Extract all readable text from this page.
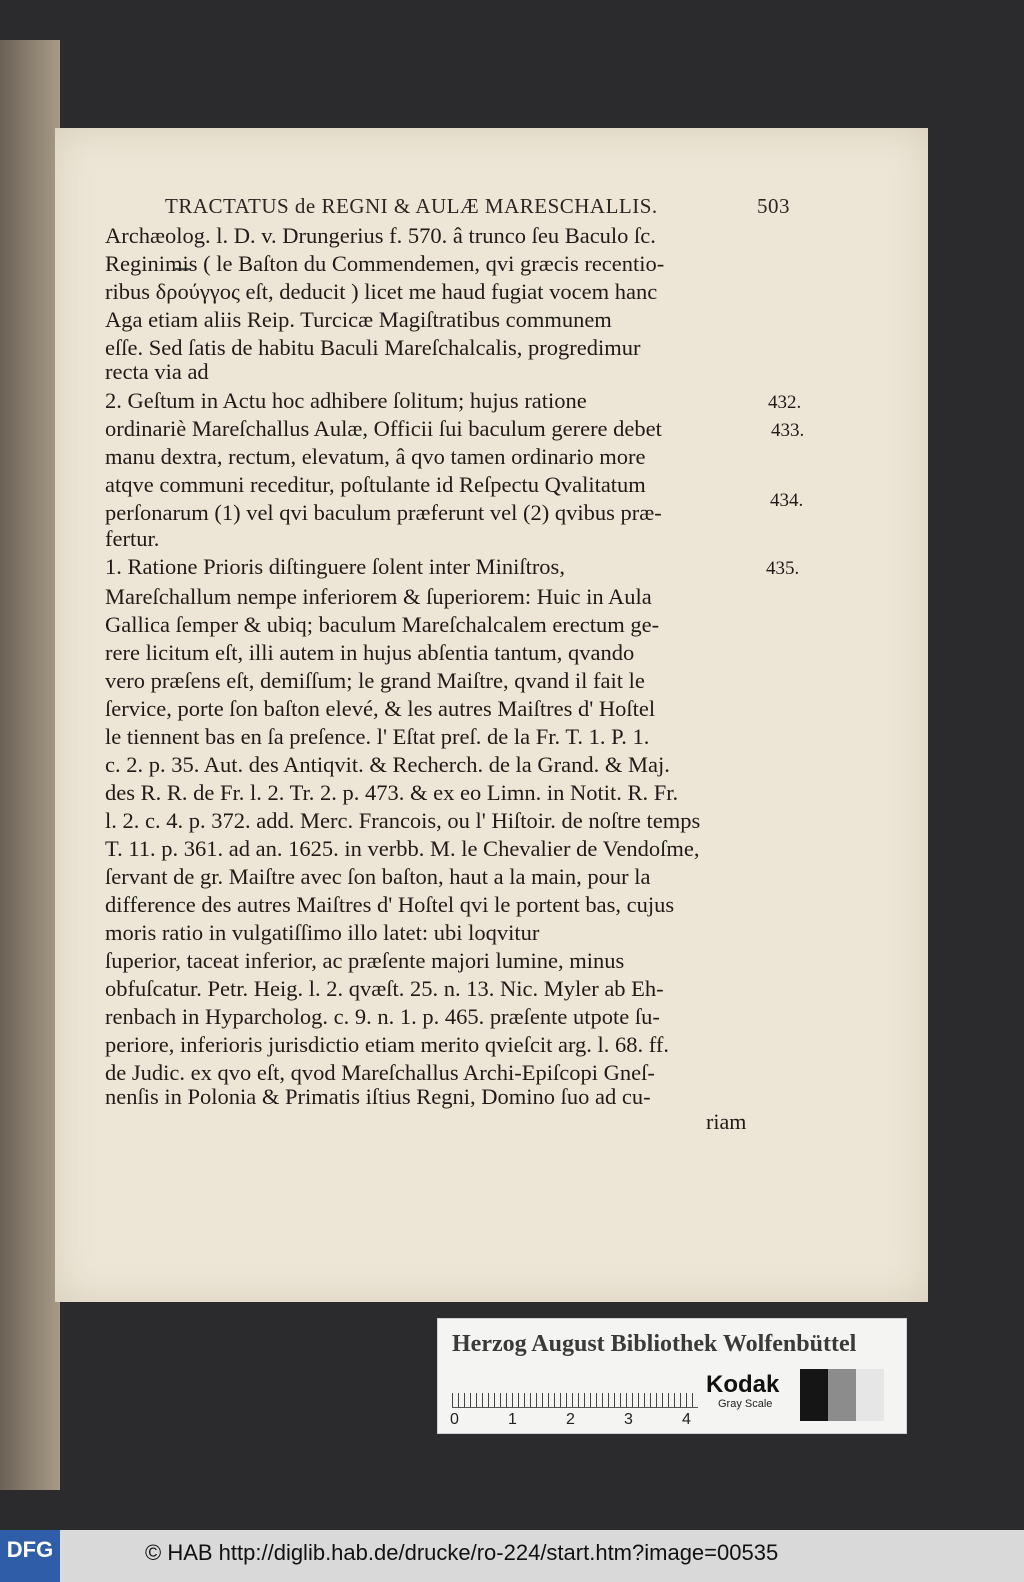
TRACTATUS de REGNI & AULÆ MARESCHALLIS.	503
Archæolog. l. D. v. Drungerius f. 570. â trunco ſeu Baculo ſc.
Reginimis ( le Baſton du Commendemen, qvi græcis recentio-
ribus δρούγγος eſt, deducit ) licet me haud fugiat vocem hanc
Aga etiam aliis Reip. Turcicæ Magiſtratibus communem
eſſe. Sed ſatis de habitu Baculi Mareſchalcalis, progredimur
recta via ad
2. Geſtum in Actu hoc adhibere ſolitum; hujus ratione
ordinariè Mareſchallus Aulæ, Officii ſui baculum gerere debet
manu dextra, rectum, elevatum, â qvo tamen ordinario more
atqve communi receditur, poſtulante id Reſpectu Qvalitatum
perſonarum (1) vel qvi baculum præferunt vel (2) qvibus præ-
fertur.
1. Ratione Prioris diſtinguere ſolent inter Miniſtros,
Mareſchallum nempe inferiorem & ſuperiorem: Huic in Aula
Gallica ſemper & ubiq; baculum Mareſchalcalem erectum ge-
rere licitum eſt, illi autem in hujus abſentia tantum, qvando
vero præſens eſt, demiſſum; le grand Maiſtre, qvand il fait le
ſervice, porte ſon baſton elevé, & les autres Maiſtres d' Hoſtel
le tiennent bas en ſa preſence. l' Eſtat preſ. de la Fr. T. 1. P. 1.
c. 2. p. 35. Aut. des Antiqvit. & Recherch. de la Grand. & Maj.
des R. R. de Fr. l. 2. Tr. 2. p. 473. & ex eo Limn. in Notit. R. Fr.
l. 2. c. 4. p. 372. add. Merc. Francois, ou l' Hiſtoir. de noſtre temps
T. 11. p. 361. ad an. 1625. in verbb. M. le Chevalier de Vendoſme,
ſervant de gr. Maiſtre avec ſon baſton, haut a la main, pour la
difference des autres Maiſtres d' Hoſtel qvi le portent bas, cujus
moris ratio in vulgatiſſimo illo latet: ubi loqvitur
ſuperior, taceat inferior, ac præſente majori lumine, minus
obfuſcatur. Petr. Heig. l. 2. qvæſt. 25. n. 13. Nic. Myler ab Eh-
renbach in Hyparcholog. c. 9. n. 1. p. 465. præſente utpote ſu-
periore, inferioris jurisdictio etiam merito qvieſcit arg. l. 68. ff.
de Judic. ex qvo eſt, qvod Mareſchallus Archi-Epiſcopi Gneſ-
nenſis in Polonia & Primatis iſtius Regni, Domino ſuo ad cu-
432.
433.
434.
435.
riam
Herzog August Bibliothek Wolfenbüttel
0	1	2	3	4
Kodak
Gray Scale
DFG	© HAB http://diglib.hab.de/drucke/ro-224/start.htm?image=00535
